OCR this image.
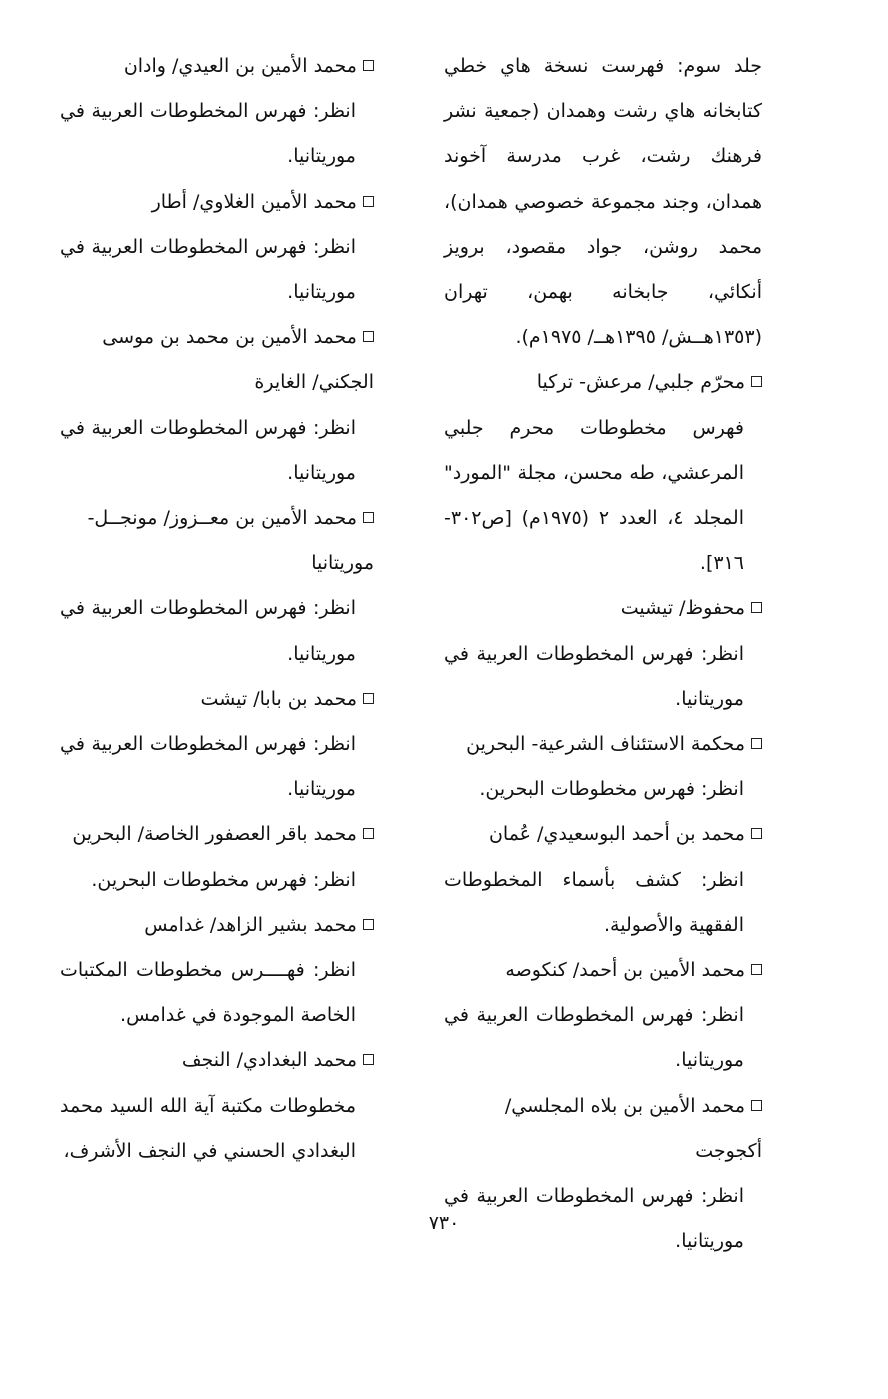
جلد سوم: فهرست نسخة هاي خطي كتابخانه هاي رشت وهمدان (جمعية نشر فرهنك رشت، غرب مدرسة آخوند همدان، وجند مجموعة خصوصي همدان)، محمد روشن، جواد مقصود، برويز أنكائي، جابخانه بهمن، تهران (١٣٥٣هــش/ ١٣٩٥هــ/ ١٩٧٥م).
محرّم جلبي/ مرعش- تركيا
فهرس مخطوطات محرم جلبي المرعشي، طه محسن، مجلة "المورد" المجلد ٤، العدد ٢ (١٩٧٥م) [ص٣٠٢- ٣١٦].
محفوظ/ تيشيت
انظر: فهرس المخطوطات العربية في موريتانيا.
محكمة الاستئناف الشرعية- البحرين
انظر: فهرس مخطوطات البحرين.
محمد بن أحمد البوسعيدي/ عُمان
انظر: كشف بأسماء المخطوطات الفقهية والأصولية.
محمد الأمين بن أحمد/ كنكوصه
انظر: فهرس المخطوطات العربية في موريتانيا.
محمد الأمين بن بلاه المجلسي/ أكجوجت
انظر: فهرس المخطوطات العربية في موريتانيا.
محمد الأمين بن العيدي/ وادان
انظر: فهرس المخطوطات العربية في موريتانيا.
محمد الأمين الغلاوي/ أطار
انظر: فهرس المخطوطات العربية في موريتانيا.
محمد الأمين بن محمد بن موسى الجكني/ الغايرة
انظر: فهرس المخطوطات العربية في موريتانيا.
محمد الأمين بن معــزوز/ مونجــل- موريتانيا
انظر: فهرس المخطوطات العربية في موريتانيا.
محمد بن بابا/ تيشت
انظر: فهرس المخطوطات العربية في موريتانيا.
محمد باقر العصفور الخاصة/ البحرين
انظر: فهرس مخطوطات البحرين.
محمد بشير الزاهد/ غدامس
انظر: فهــــرس مخطوطات المكتبات الخاصة الموجودة في غدامس.
محمد البغدادي/ النجف
مخطوطات مكتبة آية الله السيد محمد البغدادي الحسني في النجف الأشرف،
٧٣٠
